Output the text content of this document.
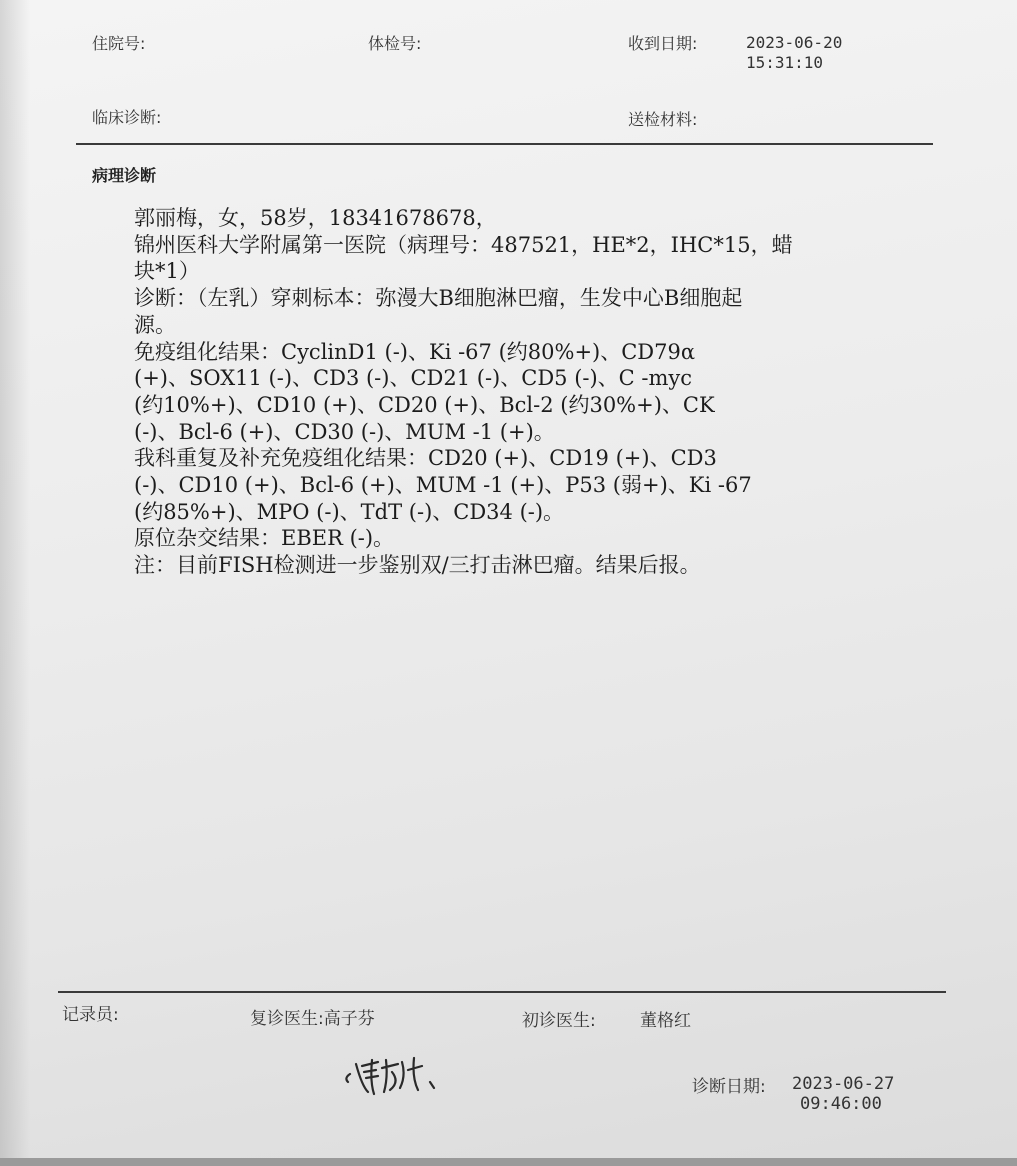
住院号:	体检号:	收到日期:	2023-06-20
15:31:10
临床诊断:	送检材料:
病理诊断
郭丽梅，女，58岁，18341678678，
锦州医科大学附属第一医院（病理号：487521，HE*2，IHC*15，蜡
块*1）
诊断：（左乳）穿刺标本：弥漫大B细胞淋巴瘤，生发中心B细胞起
源。
免疫组化结果：CyclinD1 (-)、Ki -67 (约80%+)、CD79α
(+)、SOX11 (-)、CD3 (-)、CD21 (-)、CD5 (-)、C -myc
(约10%+)、CD10 (+)、CD20 (+)、Bcl-2 (约30%+)、CK
(-)、Bcl-6 (+)、CD30 (-)、MUM -1 (+)。
我科重复及补充免疫组化结果：CD20 (+)、CD19 (+)、CD3
(-)、CD10 (+)、Bcl-6 (+)、MUM -1 (+)、P53 (弱+)、Ki -67
(约85%+)、MPO (-)、TdT (-)、CD34 (-)。
原位杂交结果：EBER (-)。
注：目前FISH检测进一步鉴别双/三打击淋巴瘤。结果后报。
记录员:	复诊医生:高子芬	初诊医生:	董格红
诊断日期: 2023-06-27
09:46:00
